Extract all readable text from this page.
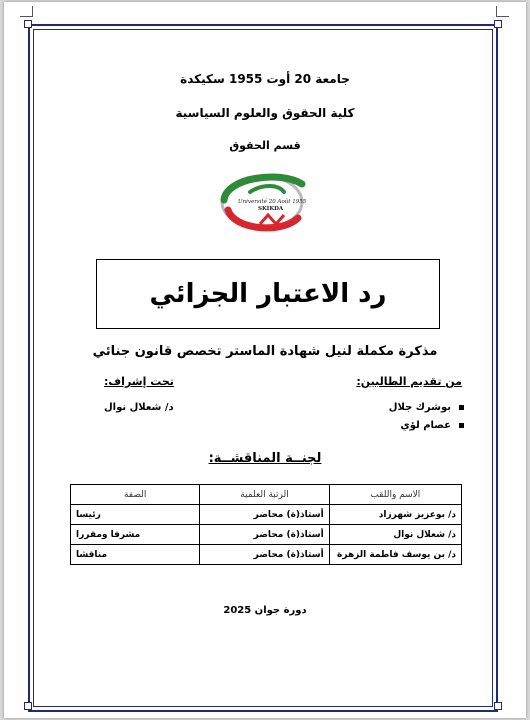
جامعة 20 أوت 1955 سكيكدة
كلية الحقوق والعلوم السياسية
قسم الحقوق
Université 20 Août 1955
SKIKDA
رد الاعتبار الجزائي
مذكرة مكملة لنيل شهادة الماستر تخصص قانون جنائي
من تقديم الطالبين:
تحت إشراف:
بوشرك جلال
عصام لؤي
د/ شعلال نوال
لجنــة المناقشــة:
الاسم واللقب	الرتبة العلمية	الصفة
د/ بوعزيز شهرزاد	أستاذ(ة) محاضر	رئيسا
د/ شعلال نوال	أستاذ(ة) محاضر	مشرفا ومقررا
د/ بن يوسف فاطمة الزهرة	أستاذ(ة) محاضر	مناقشا
دورة جوان 2025
